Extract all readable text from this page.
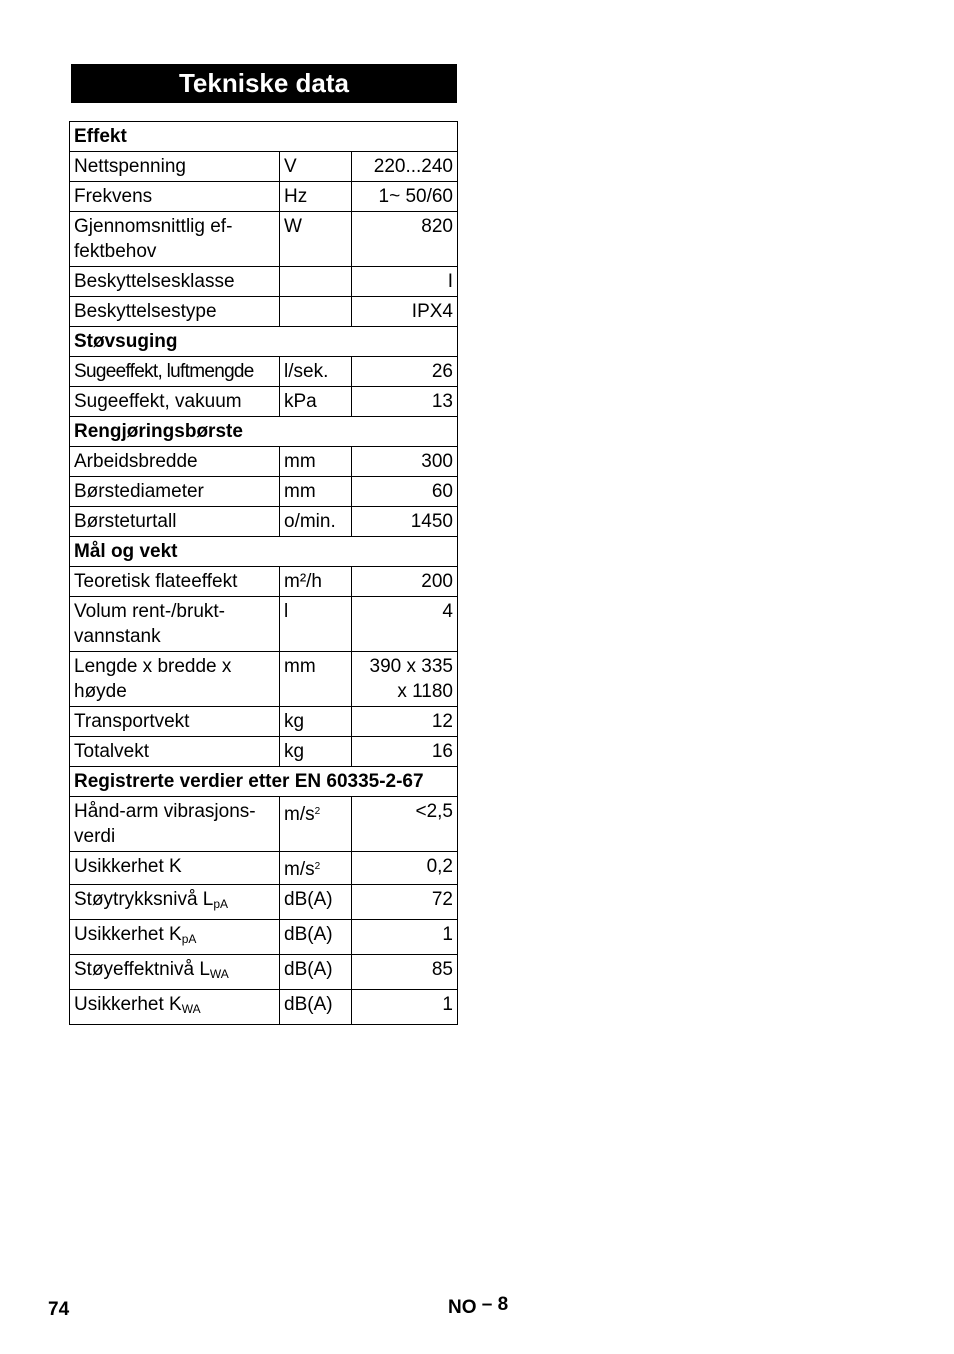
Tekniske data
Effekt		
Nettspenning	V	220...240
Frekvens	Hz	1~ 50/60
Gjennomsnittlig ef-
fektbehov	W	820
Beskyttelsesklasse		I
Beskyttelsestype		IPX4
Støvsuging		
Sugeeffekt, luftmengde	l/sek.	26
Sugeeffekt, vakuum	kPa	13
Rengjøringsbørste		
Arbeidsbredde	mm	300
Børstediameter	mm	60
Børsteturtall	o/min.	1450
Mål og vekt		
Teoretisk flateeffekt	m²/h	200
Volum rent-/brukt-
vannstank	l	4
Lengde x bredde x
høyde	mm	390 x 335
x 1180
Transportvekt	kg	12
Totalvekt	kg	16
Registrerte verdier etter EN 60335-2-67		
Hånd-arm vibrasjons-
verdi	$m/s^2$	<2,5
Usikkerhet K	$m/s^2$	0,2
Støytrykksnivå LpA	dB(A)	72
Usikkerhet KpA	dB(A)	1
Støyeffektnivå LWA	dB(A)	85
Usikkerhet KWA	dB(A)	1
74	NO – 8
